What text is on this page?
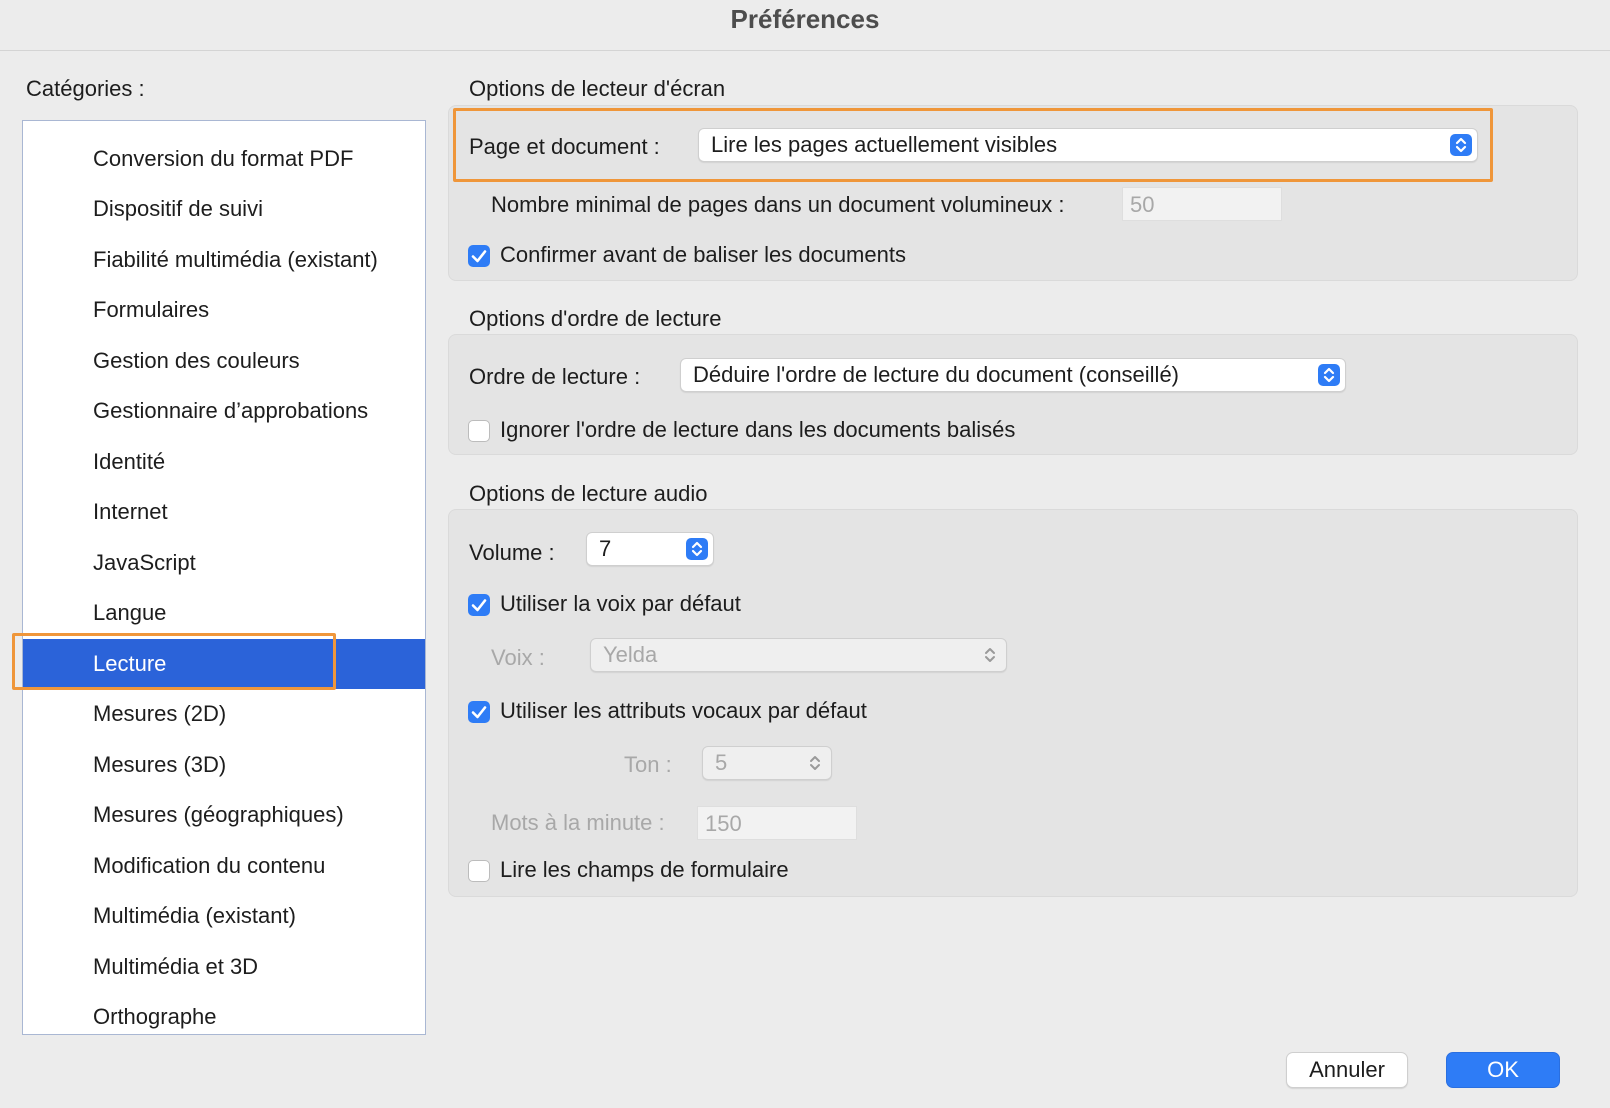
Préférences
Catégories :
Conversion du format PDF
Dispositif de suivi
Fiabilité multimédia (existant)
Formulaires
Gestion des couleurs
Gestionnaire d’approbations
Identité
Internet
JavaScript
Langue
Lecture
Mesures (2D)
Mesures (3D)
Mesures (géographiques)
Modification du contenu
Multimédia (existant)
Multimédia et 3D
Orthographe
Options de lecteur d'écran
Page et document : Lire les pages actuellement visibles
Nombre minimal de pages dans un document volumineux :	50
Confirmer avant de baliser les documents
Options d'ordre de lecture
Ordre de lecture : Déduire l'ordre de lecture du document (conseillé)
Ignorer l'ordre de lecture dans les documents balisés
Options de lecture audio
Volume : 7
Utiliser la voix par défaut
Voix :	Yelda
Utiliser les attributs vocaux par défaut
Ton : 5
Mots à la minute :	150
Lire les champs de formulaire
Annuler	OK
